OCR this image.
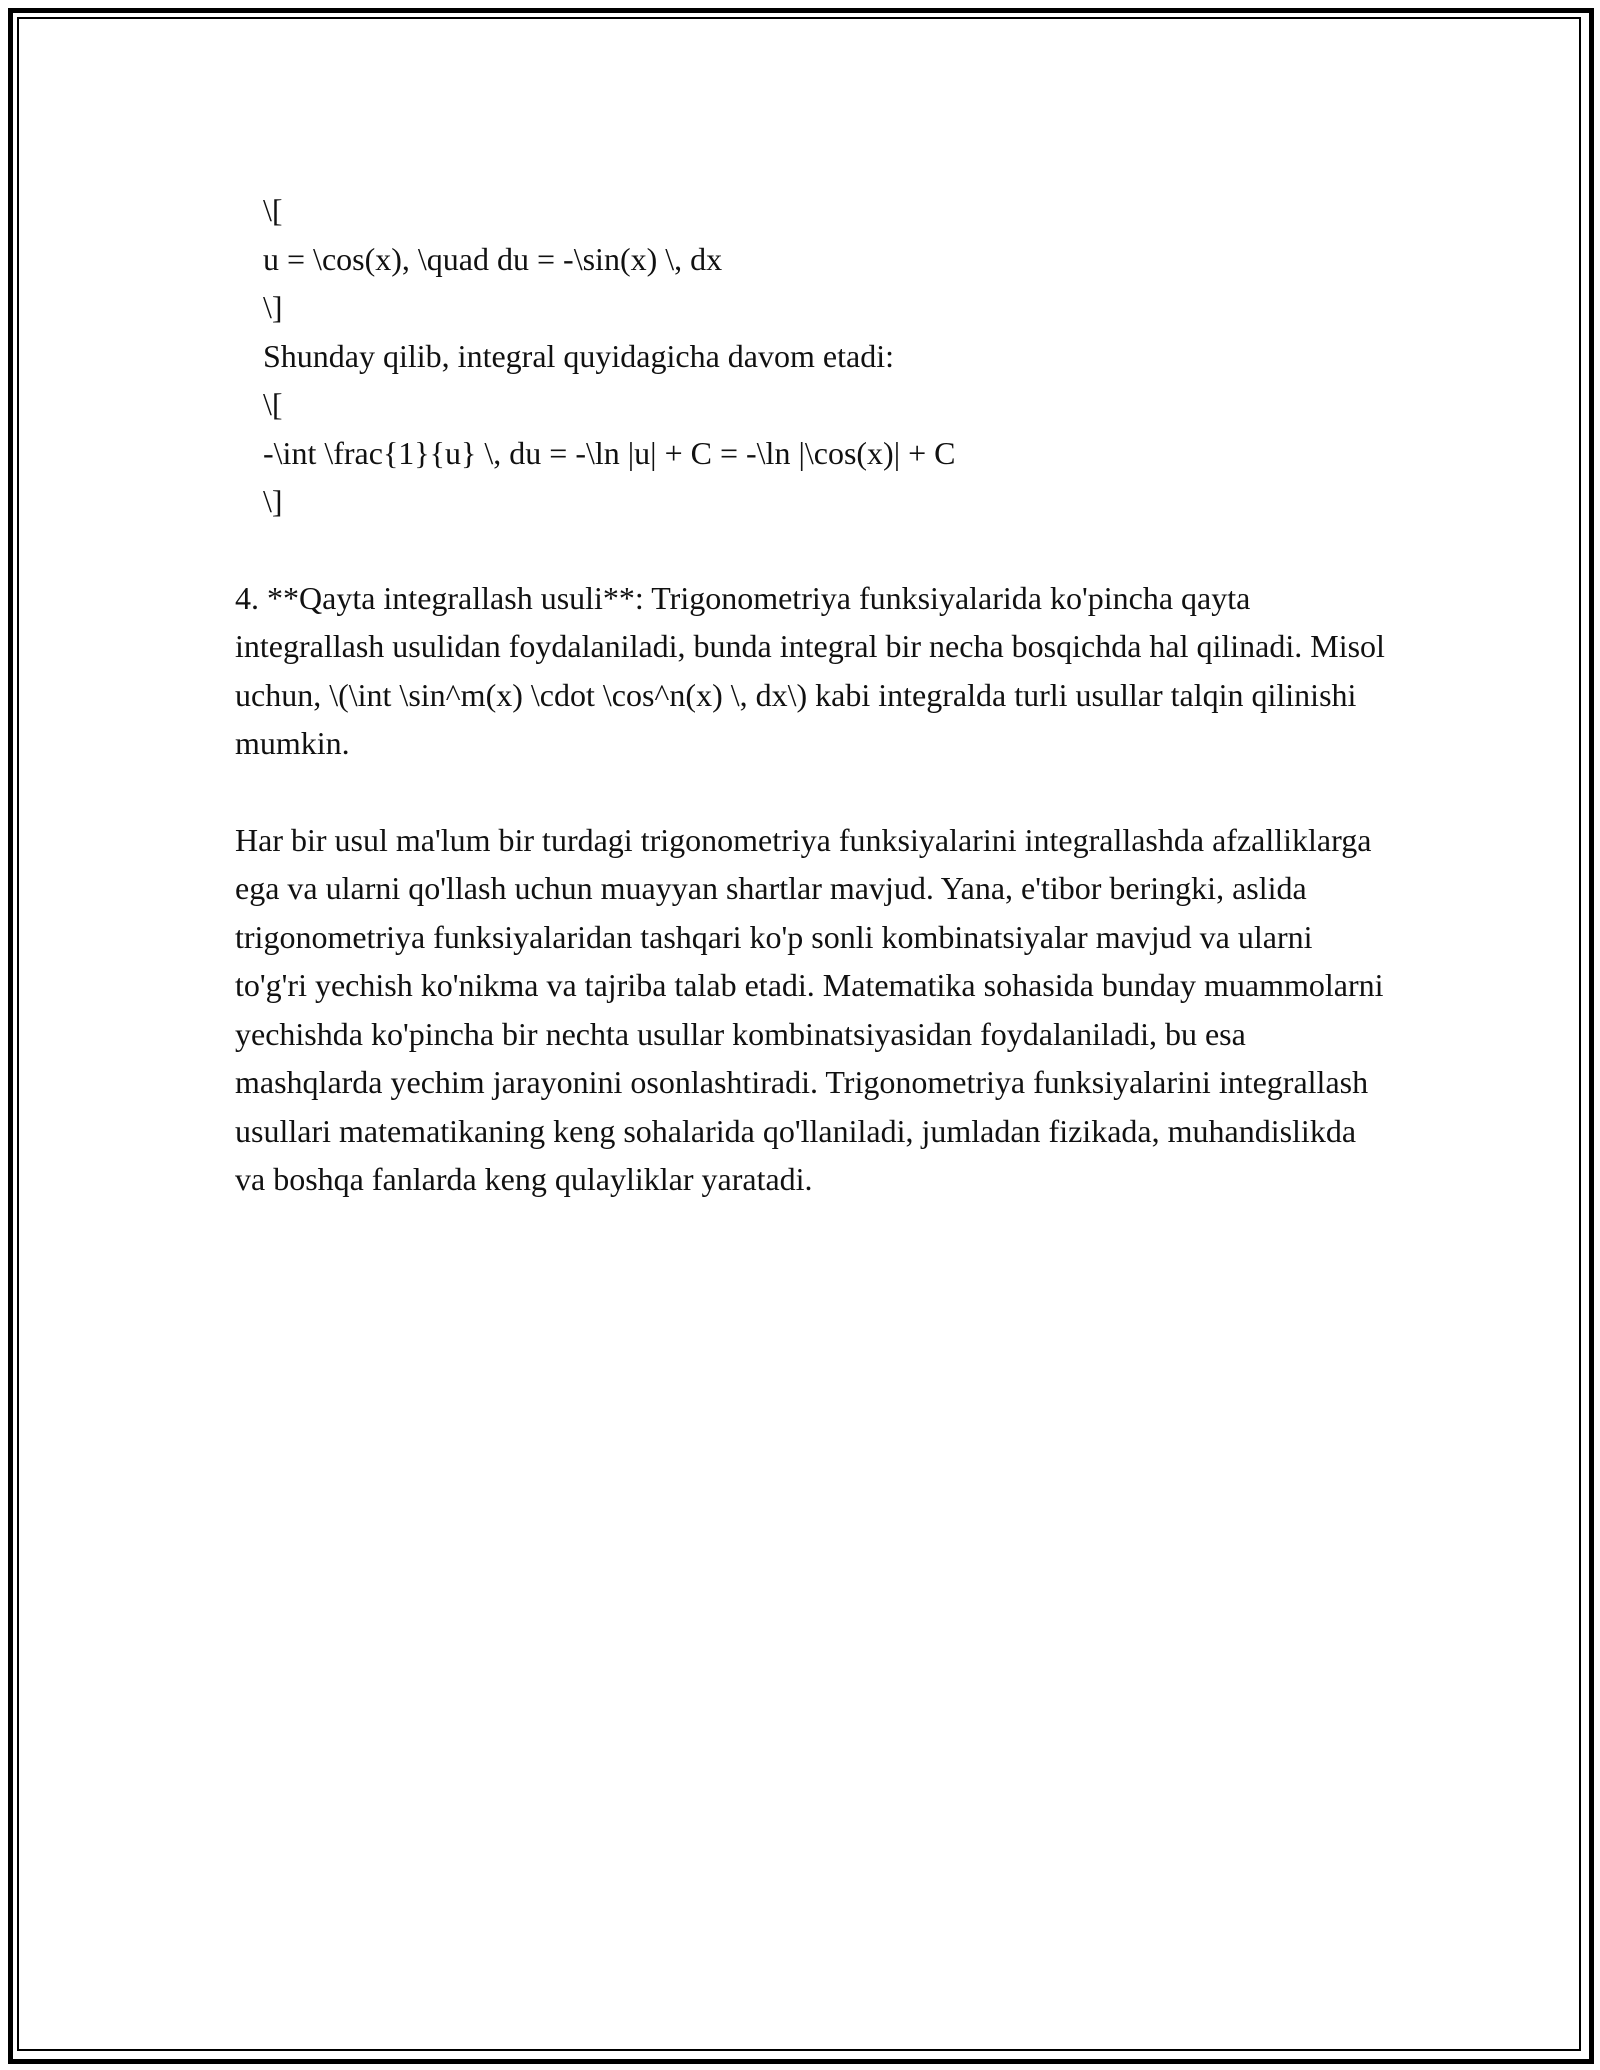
\[
u = \cos(x), \quad du = -\sin(x) \, dx
\]
Shunday qilib, integral quyidagicha davom etadi:
\[
-\int \frac{1}{u} \, du = -\ln |u| + C = -\ln |\cos(x)| + C
\]

4. **Qayta integrallash usuli**: Trigonometriya funksiyalarida ko'pincha qayta integrallash usulidan foydalaniladi, bunda integral bir necha bosqichda hal qilinadi. Misol uchun, \(\int \sin^m(x) \cdot \cos^n(x) \, dx\) kabi integralda turli usullar talqin qilinishi mumkin.

Har bir usul ma'lum bir turdagi trigonometriya funksiyalarini integrallashda afzalliklarga ega va ularni qo'llash uchun muayyan shartlar mavjud. Yana, e'tibor beringki, aslida trigonometriya funksiyalaridan tashqari ko'p sonli kombinatsiyalar mavjud va ularni to'g'ri yechish ko'nikma va tajriba talab etadi. Matematika sohasida bunday muammolarni yechishda ko'pincha bir nechta usullar kombinatsiyasidan foydalaniladi, bu esa mashqlarda yechim jarayonini osonlashtiradi. Trigonometriya funksiyalarini integrallash usullari matematikaning keng sohalarida qo'llaniladi, jumladan fizikada, muhandislikda va boshqa fanlarda keng qulayliklar yaratadi.
